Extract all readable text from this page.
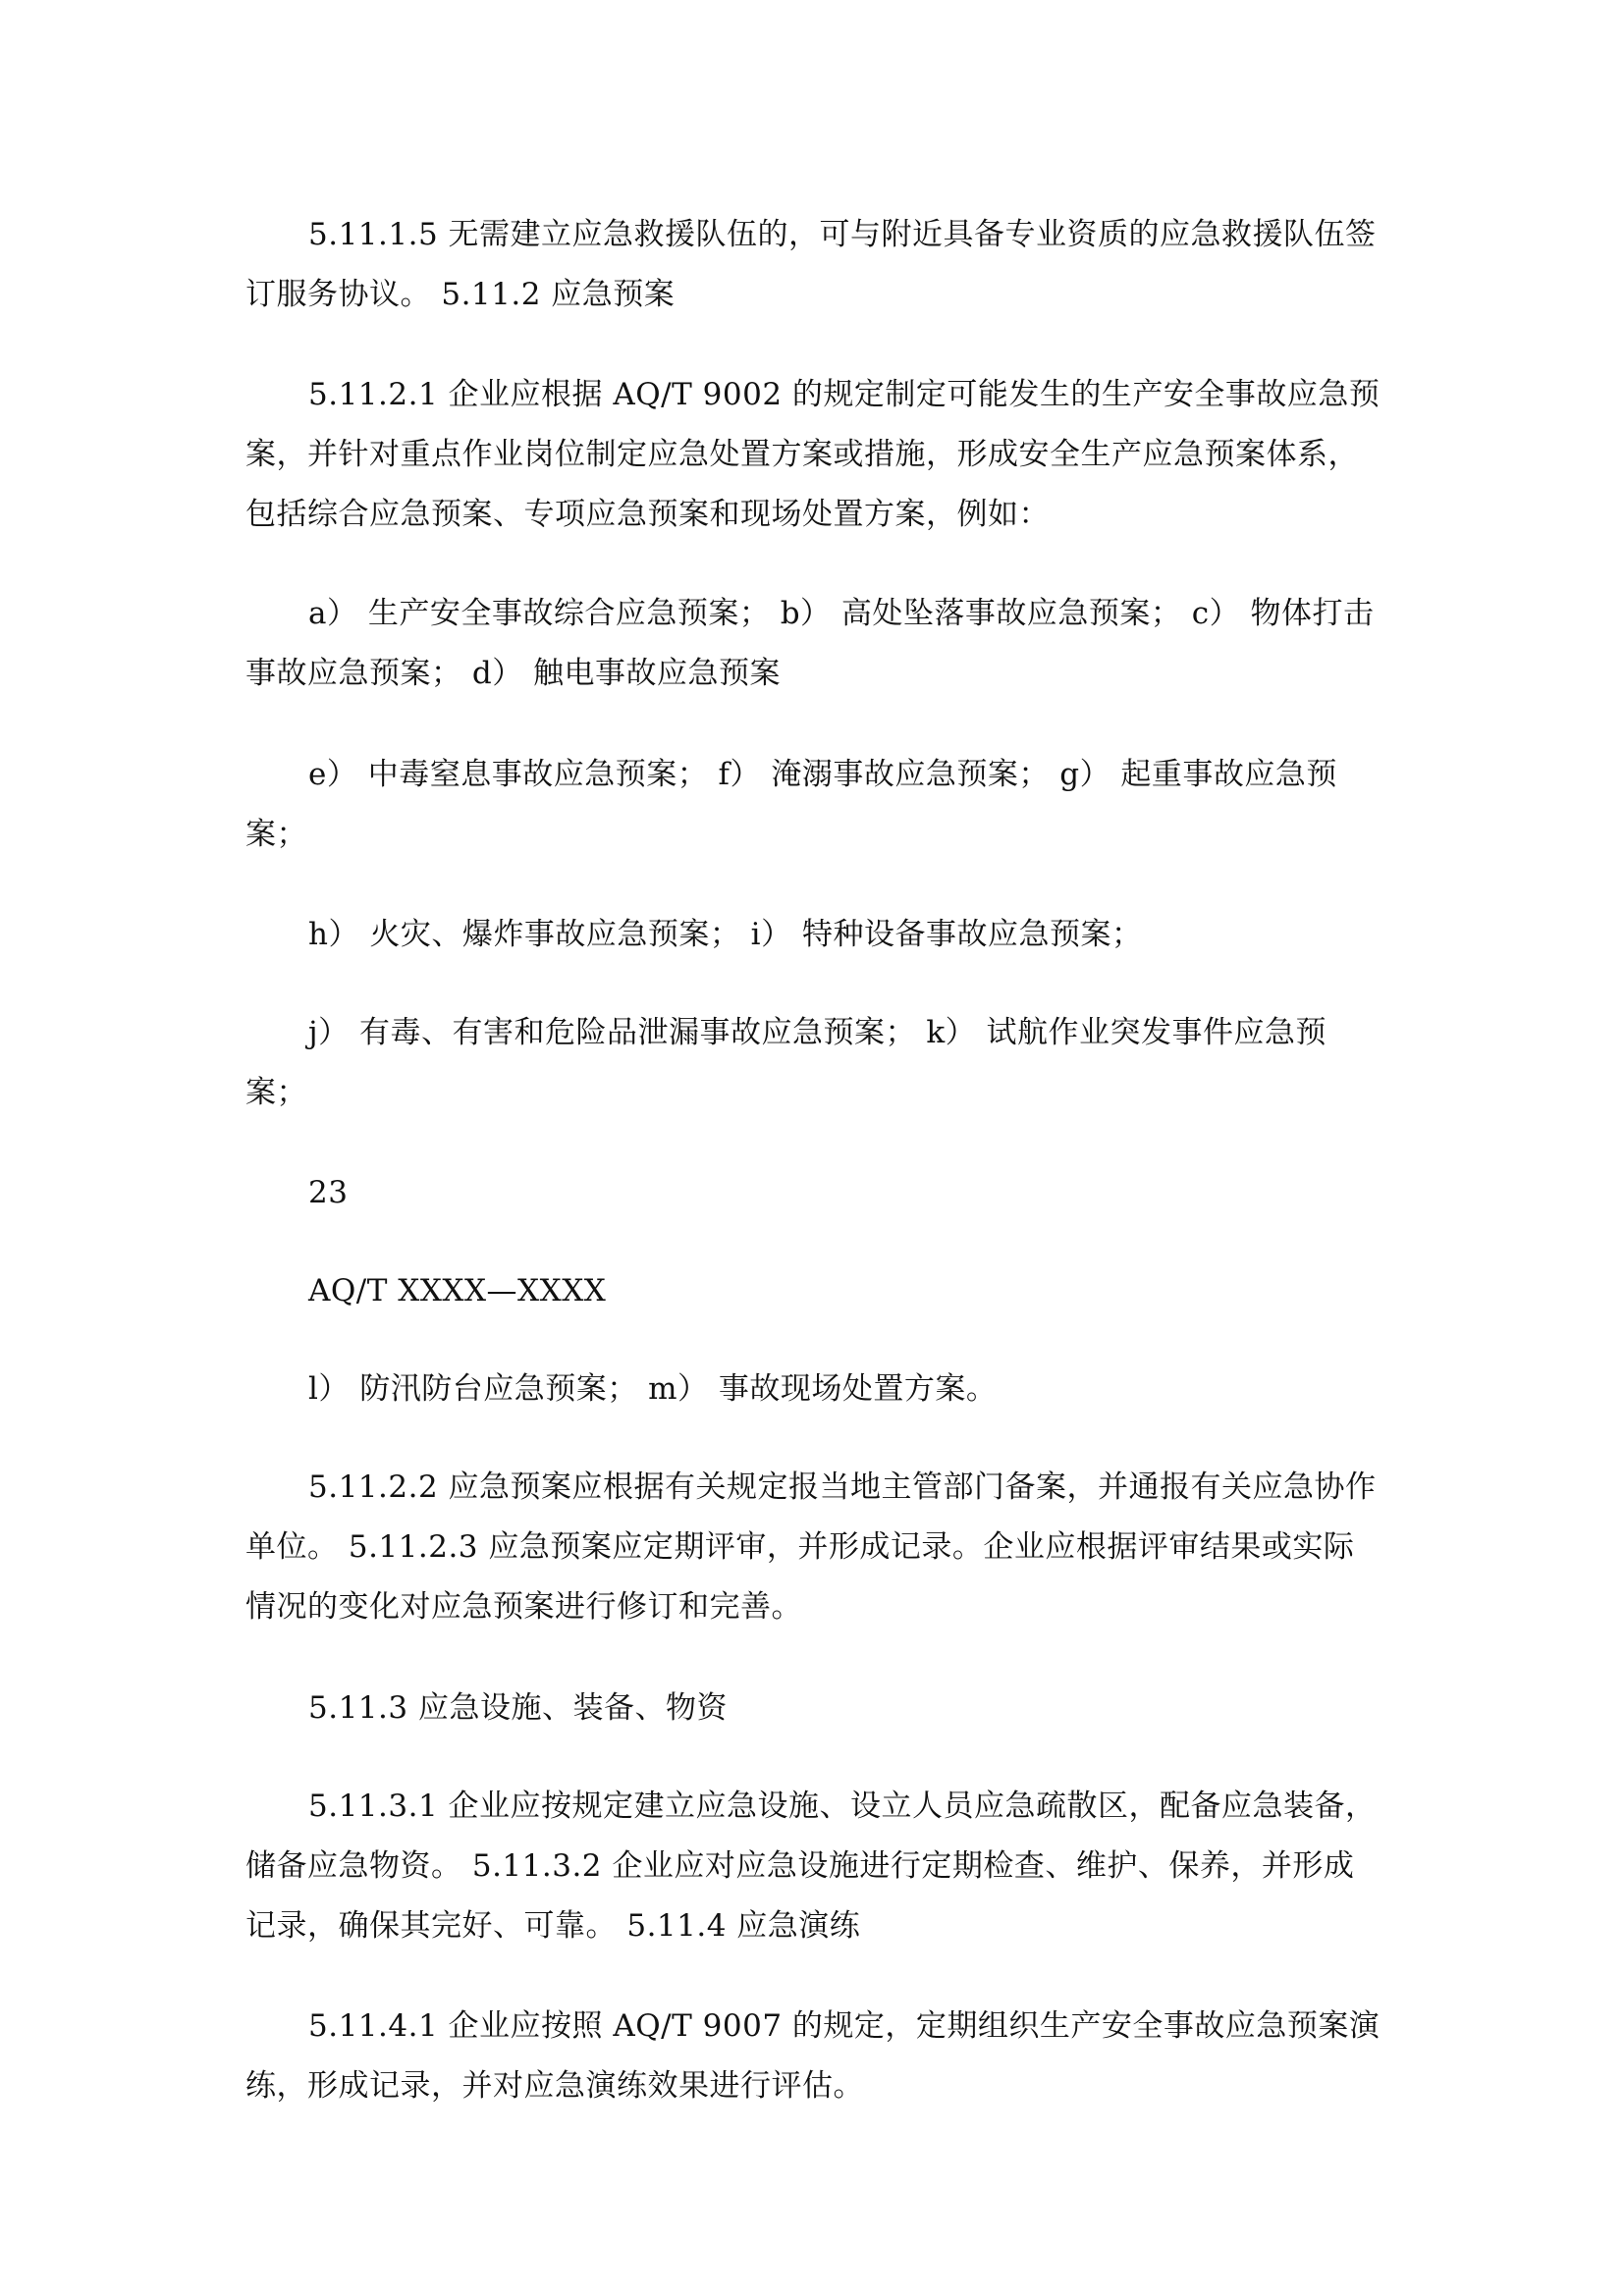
5.11.1.5 无需建立应急救援队伍的，可与附近具备专业资质的应急救援队伍签订服务协议。 5.11.2 应急预案

5.11.2.1 企业应根据 AQ/T 9002 的规定制定可能发生的生产安全事故应急预案，并针对重点作业岗位制定应急处置方案或措施，形成安全生产应急预案体系，包括综合应急预案、专项应急预案和现场处置方案，例如：

a） 生产安全事故综合应急预案； b） 高处坠落事故应急预案； c） 物体打击事故应急预案； d） 触电事故应急预案

e） 中毒窒息事故应急预案； f） 淹溺事故应急预案； g） 起重事故应急预案；

h） 火灾、爆炸事故应急预案； i） 特种设备事故应急预案；

j） 有毒、有害和危险品泄漏事故应急预案； k） 试航作业突发事件应急预案；

23

AQ/T XXXX—XXXX

l） 防汛防台应急预案； m） 事故现场处置方案。

5.11.2.2 应急预案应根据有关规定报当地主管部门备案，并通报有关应急协作单位。 5.11.2.3 应急预案应定期评审，并形成记录。企业应根据评审结果或实际情况的变化对应急预案进行修订和完善。

5.11.3 应急设施、装备、物资

5.11.3.1 企业应按规定建立应急设施、设立人员应急疏散区，配备应急装备，储备应急物资。 5.11.3.2 企业应对应急设施进行定期检查、维护、保养，并形成记录，确保其完好、可靠。 5.11.4 应急演练

5.11.4.1 企业应按照 AQ/T 9007 的规定，定期组织生产安全事故应急预案演练，形成记录，并对应急演练效果进行评估。
